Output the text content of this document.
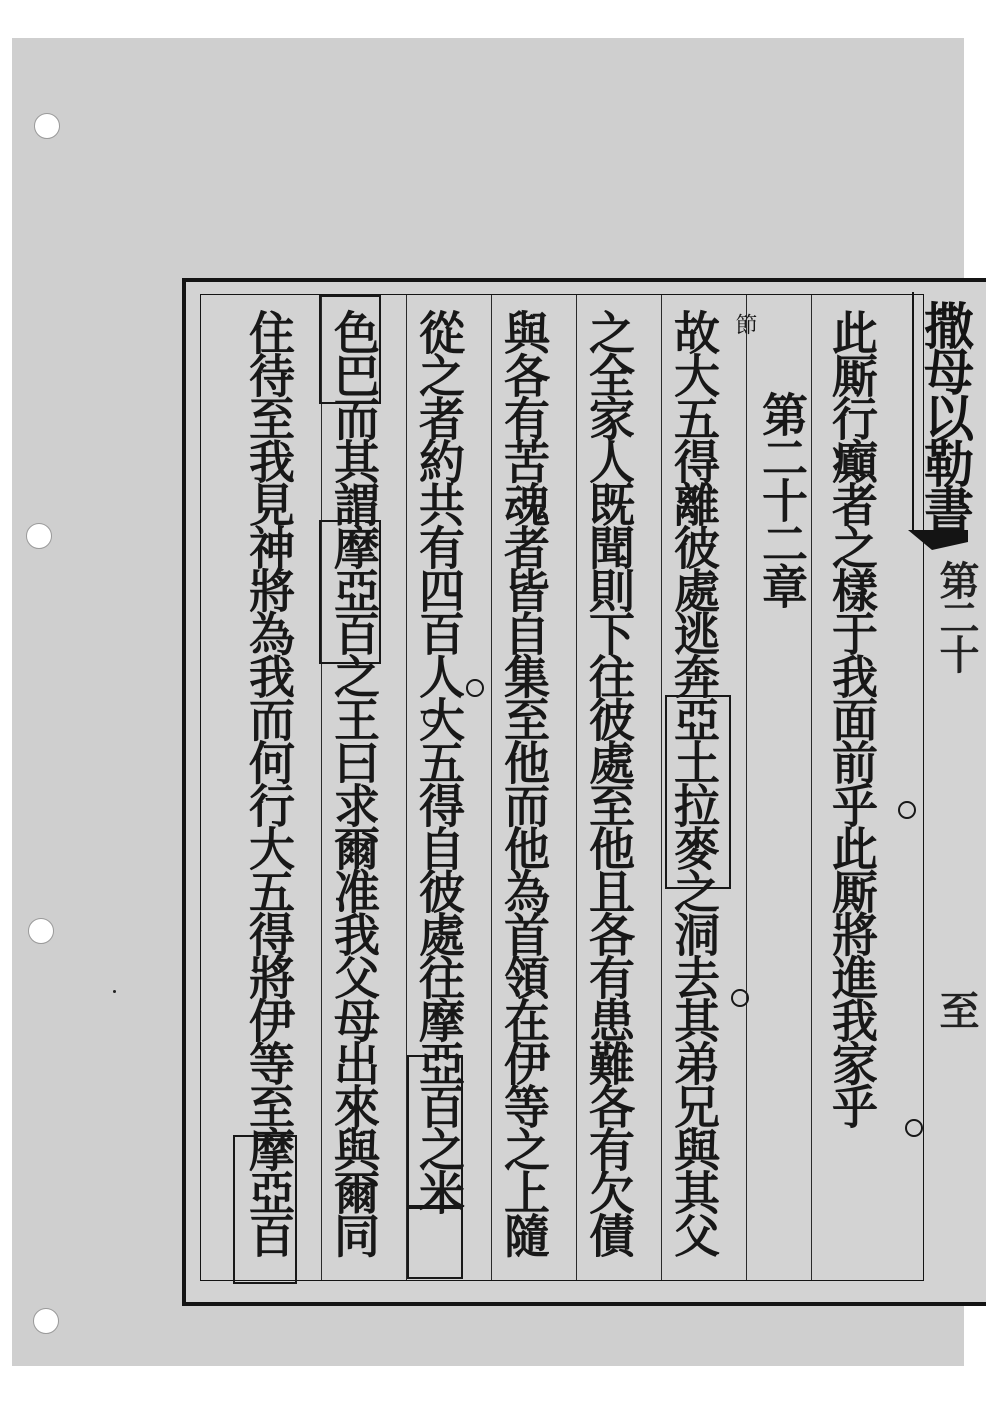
撒母以勒書
第二十
至
此厮行癲者之樣于我面前乎此厮將進我家乎
第二十二章
節
故大五得離彼處逃奔亞土拉麥之洞去其弟兄與其父
之全家人既聞則下往彼處至他且各有患難各有欠債
與各有苦魂者皆自集至他而他為首領在伊等之上隨
從之者約共有四百人大五得自彼處往摩亞百之米
色巴而其謂摩亞百之王曰求爾准我父母出來與爾同
住待至我見神將為我而何行大五得將伊等至摩亞百
